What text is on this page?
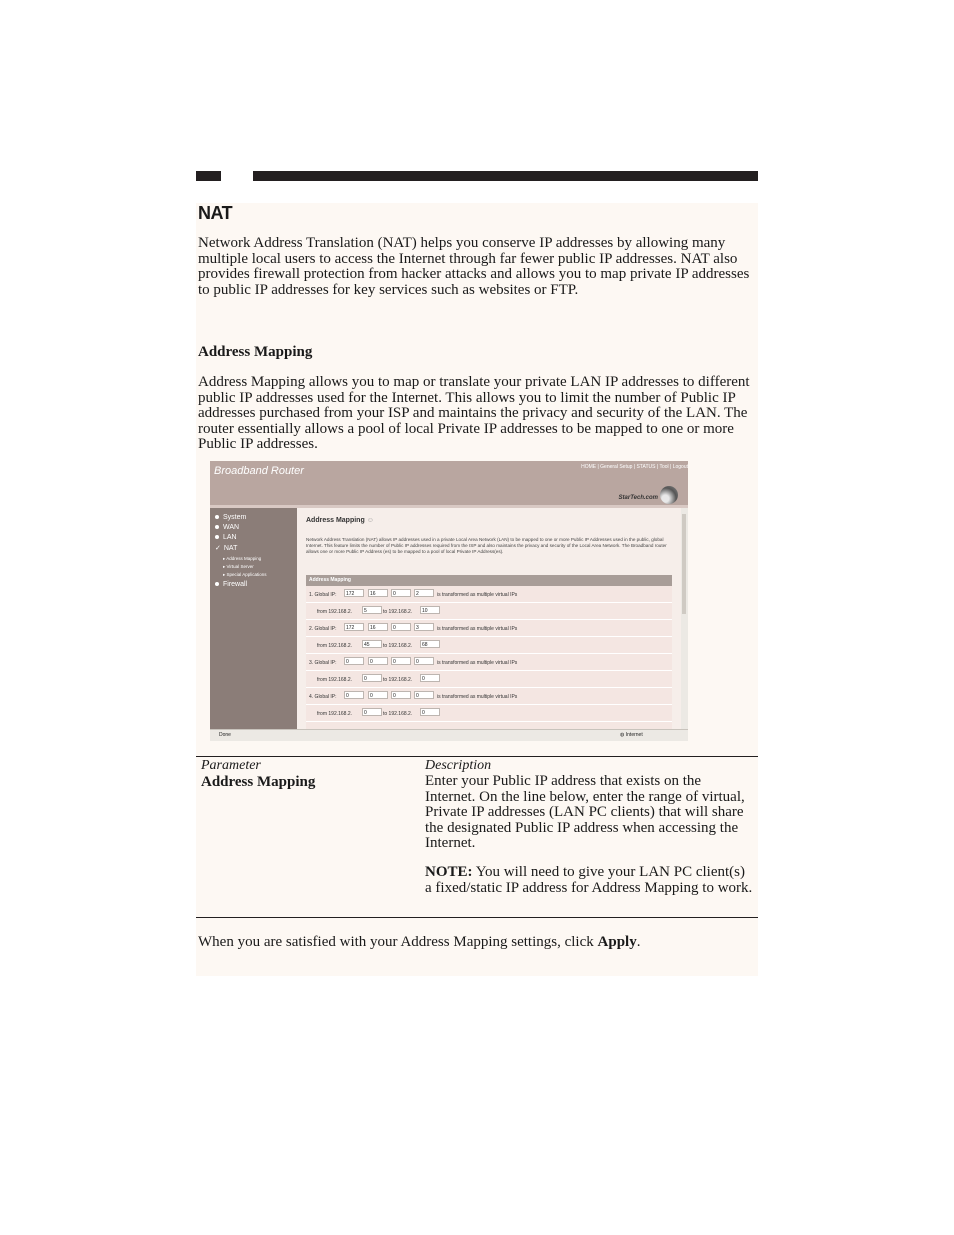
NAT
Network Address Translation (NAT) helps you conserve IP addresses by allowing many multiple local users to access the Internet through far fewer public IP addresses. NAT also provides firewall protection from hacker attacks and allows you to map private IP addresses to public IP addresses for key services such as websites or FTP.
Address Mapping
Address Mapping allows you to map or translate your private LAN IP addresses to different public IP addresses used for the Internet. This allows you to limit the number of Public IP addresses purchased from your ISP and maintains the privacy and security of the LAN. The router essentially allows a pool of local Private IP addresses to be mapped to one or more Public IP addresses.
Broadband Router	HOME | General Setup | STATUS | Tool | Logout
StarTech.com
System
WAN
LAN
✓ NAT
▸ Address Mapping
▸ Virtual Server
▸ Special Applications
Firewall
Address Mapping ☺
Network Address Translation (NAT) allows IP addresses used in a private Local Area Network (LAN) to be mapped to one or more Public IP Addresses used in the public, global Internet. This feature limits the number of Public IP addresses required from the ISP and also maintains the privacy and security of the Local Area Network. The Broadband router allows one or more Public IP Address (es) to be mapped to a pool of local Private IP Address(es).
Address Mapping
1. Global IP:	172	16	0	2	is transformed as multiple virtual IPs
from 192.168.2.	5	to 192.168.2.	10
2. Global IP:	172	16	0	3	is transformed as multiple virtual IPs
from 192.168.2.	45	to 192.168.2.	68
3. Global IP:	0	0	0	0	is transformed as multiple virtual IPs
from 192.168.2.	0	to 192.168.2.	0
4. Global IP:	0	0	0	0	is transformed as multiple virtual IPs
from 192.168.2.	0	to 192.168.2.	0
Done	◍ Internet
Parameter	Description
Address Mapping	Enter your Public IP address that exists on the Internet. On the line below, enter the range of virtual, Private IP addresses (LAN PC clients) that will share the designated Public IP address when accessing the Internet.
NOTE: You will need to give your LAN PC client(s) a fixed/static IP address for Address Mapping to work.
When you are satisfied with your Address Mapping settings, click Apply.
